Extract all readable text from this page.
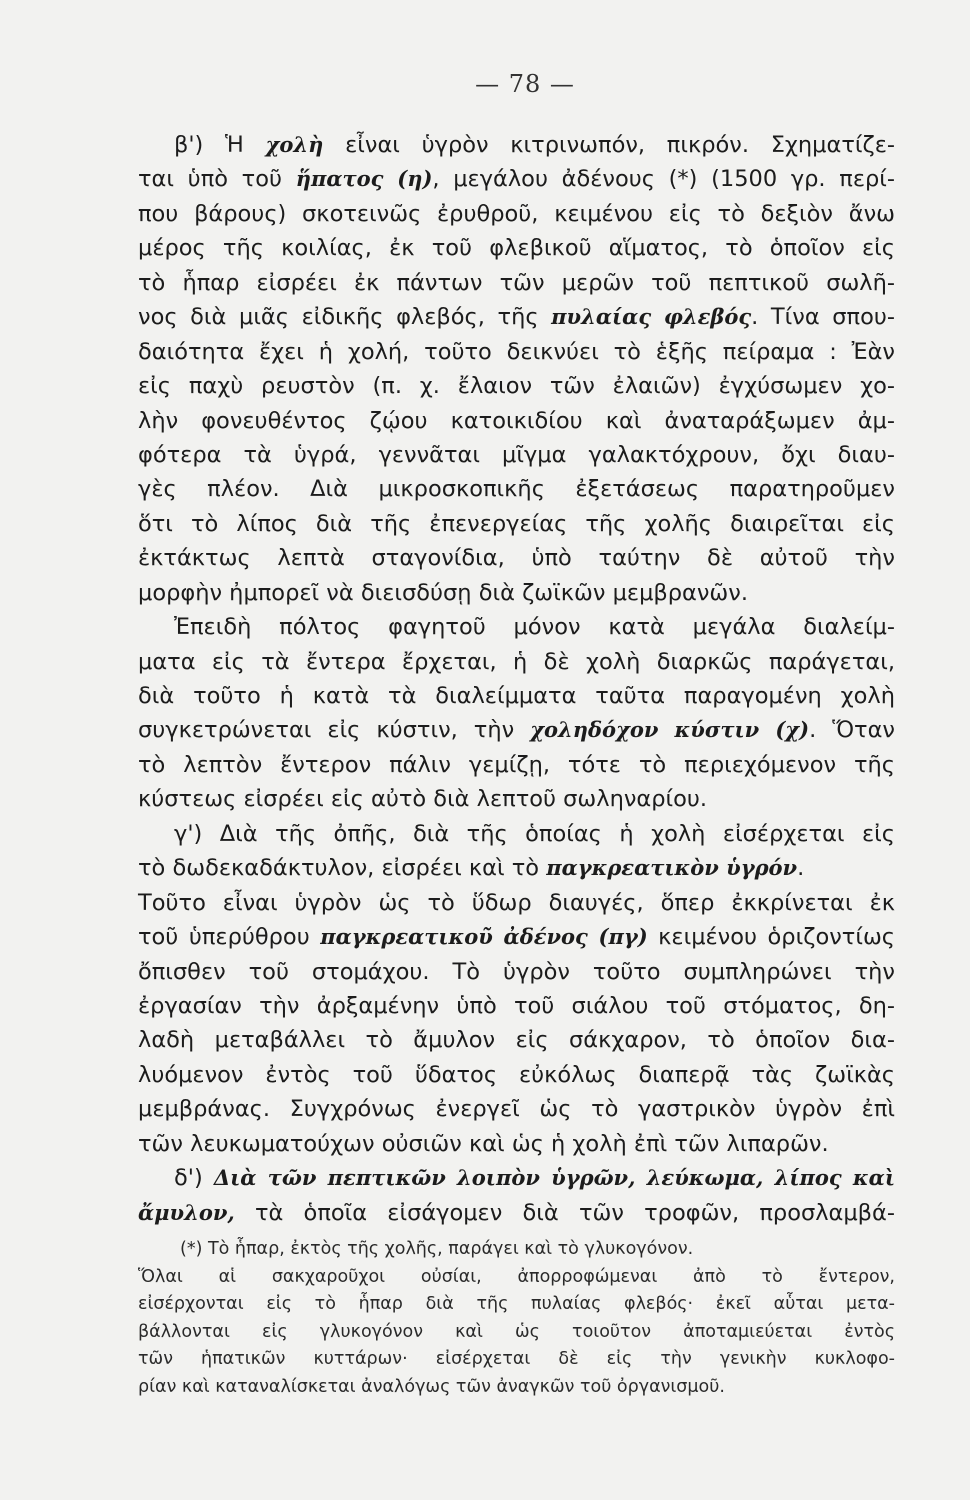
— 78 —
β') Ἡ χολὴ εἶναι ὑγρὸν κιτρινωπόν, πικρόν. Σχηματίζε-
ται ὑπὸ τοῦ ἥπατος (η), μεγάλου ἀδένους (*) (1500 γρ. περί-
που βάρους) σκοτεινῶς ἐρυθροῦ, κειμένου εἰς τὸ δεξιὸν ἄνω
μέρος τῆς κοιλίας, ἐκ τοῦ φλεβικοῦ αἵματος, τὸ ὁποῖον εἰς
τὸ ἧπαρ εἰσρέει ἐκ πάντων τῶν μερῶν τοῦ πεπτικοῦ σωλῆ-
νος διὰ μιᾶς εἰδικῆς φλεβός, τῆς πυλαίας φλεβός. Τίνα σπου-
δαιότητα ἔχει ἡ χολή, τοῦτο δεικνύει τὸ ἑξῆς πείραμα : Ἐὰν
εἰς παχὺ ρευστὸν (π. χ. ἔλαιον τῶν ἐλαιῶν) ἐγχύσωμεν χο-
λὴν φονευθέντος ζῴου κατοικιδίου καὶ ἀναταράξωμεν ἀμ-
φότερα τὰ ὑγρά, γεννᾶται μῖγμα γαλακτόχρουν, ὄχι διαυ-
γὲς πλέον. Διὰ μικροσκοπικῆς ἐξετάσεως παρατηροῦμεν
ὅτι τὸ λίπος διὰ τῆς ἐπενεργείας τῆς χολῆς διαιρεῖται εἰς
ἐκτάκτως λεπτὰ σταγονίδια, ὑπὸ ταύτην δὲ αὐτοῦ τὴν
μορφὴν ἠμπορεῖ νὰ διεισδύσῃ διὰ ζωϊκῶν μεμβρανῶν.
Ἐπειδὴ πόλτος φαγητοῦ μόνον κατὰ μεγάλα διαλείμ-
ματα εἰς τὰ ἔντερα ἔρχεται, ἡ δὲ χολὴ διαρκῶς παράγεται,
διὰ τοῦτο ἡ κατὰ τὰ διαλείμματα ταῦτα παραγομένη χολὴ
συγκετρώνεται εἰς κύστιν, τὴν χοληδόχον κύστιν (χ). Ὅταν
τὸ λεπτὸν ἔντερον πάλιν γεμίζῃ, τότε τὸ περιεχόμενον τῆς
κύστεως εἰσρέει εἰς αὐτὸ διὰ λεπτοῦ σωληναρίου.
γ') Διὰ τῆς ὀπῆς, διὰ τῆς ὁποίας ἡ χολὴ εἰσέρχεται εἰς
τὸ δωδεκαδάκτυλον, εἰσρέει καὶ τὸ παγκρεατικὸν ὑγρόν.
Τοῦτο εἶναι ὑγρὸν ὡς τὸ ὕδωρ διαυγές, ὅπερ ἐκκρίνεται ἐκ
τοῦ ὑπερύθρου παγκρεατικοῦ ἀδένος (πγ) κειμένου ὁριζοντίως
ὄπισθεν τοῦ στομάχου. Τὸ ὑγρὸν τοῦτο συμπληρώνει τὴν
ἐργασίαν τὴν ἀρξαμένην ὑπὸ τοῦ σιάλου τοῦ στόματος, δη-
λαδὴ μεταβάλλει τὸ ἄμυλον εἰς σάκχαρον, τὸ ὁποῖον δια-
λυόμενον ἐντὸς τοῦ ὕδατος εὐκόλως διαπερᾷ τὰς ζωϊκὰς
μεμβράνας. Συγχρόνως ἐνεργεῖ ὡς τὸ γαστρικὸν ὑγρὸν ἐπὶ
τῶν λευκωματούχων οὐσιῶν καὶ ὡς ἡ χολὴ ἐπὶ τῶν λιπαρῶν.
δ') Διὰ τῶν πεπτικῶν λοιπὸν ὑγρῶν, λεύκωμα, λίπος καὶ
ἄμυλον, τὰ ὁποῖα εἰσάγομεν διὰ τῶν τροφῶν, προσλαμβά-
(*) Τὸ ἧπαρ, ἐκτὸς τῆς χολῆς, παράγει καὶ τὸ γλυκογόνον.
Ὅλαι αἱ σακχαροῦχοι οὐσίαι, ἀπορροφώμεναι ἀπὸ τὸ ἔντερον,
εἰσέρχονται εἰς τὸ ἧπαρ διὰ τῆς πυλαίας φλεβός· ἐκεῖ αὗται μετα-
βάλλονται εἰς γλυκογόνον καὶ ὡς τοιοῦτον ἀποταμιεύεται ἐντὸς
τῶν ἡπατικῶν κυττάρων· εἰσέρχεται δὲ εἰς τὴν γενικὴν κυκλοφο-
ρίαν καὶ καταναλίσκεται ἀναλόγως τῶν ἀναγκῶν τοῦ ὀργανισμοῦ.
